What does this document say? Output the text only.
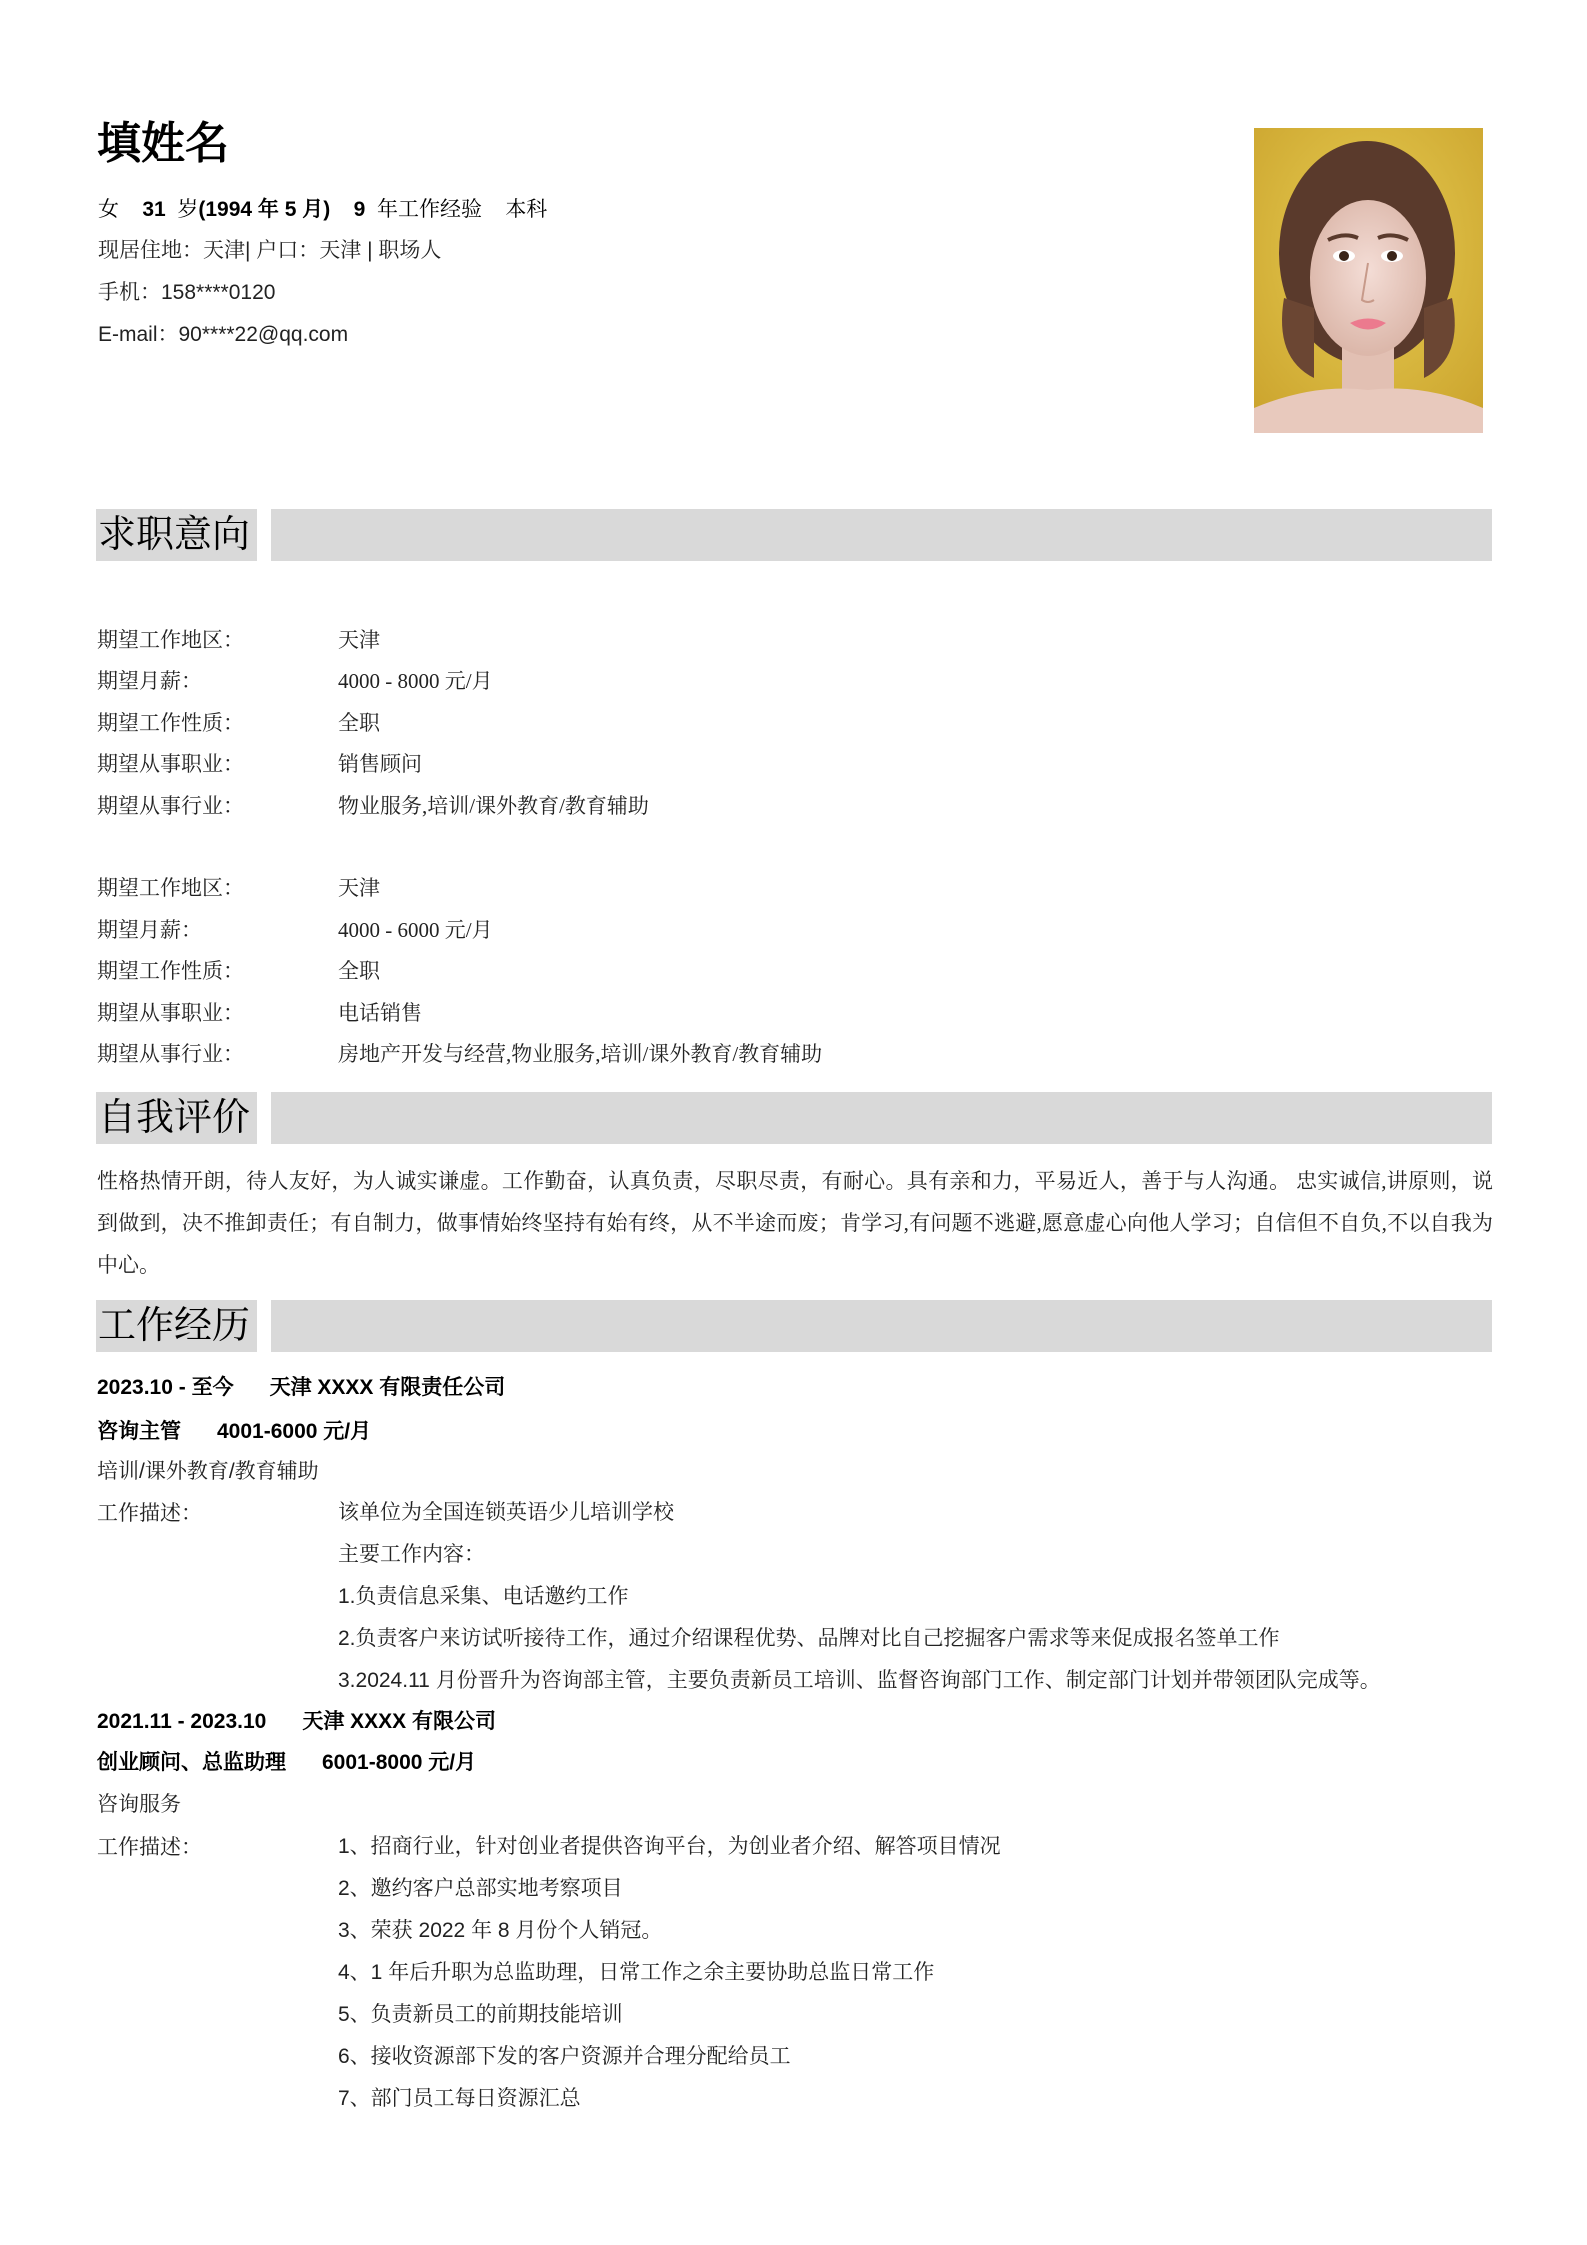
填姓名
女 31 岁(1994 年 5 月) 9 年工作经验 本科
现居住地：天津| 户口：天津 | 职场人
手机：158****0120
E-mail：90****22@qq.com
求职意向
期望工作地区：	天津
期望月薪：	4000 - 8000 元/月
期望工作性质：	全职
期望从事职业：	销售顾问
期望从事行业：	物业服务,培训/课外教育/教育辅助
期望工作地区：	天津
期望月薪：	4000 - 6000 元/月
期望工作性质：	全职
期望从事职业：	电话销售
期望从事行业：	房地产开发与经营,物业服务,培训/课外教育/教育辅助
自我评价
性格热情开朗，待人友好，为人诚实谦虚。工作勤奋，认真负责，尽职尽责，有耐心。具有亲和力，平易近人，善于与人沟通。 忠实诚信,讲原则，说到做到，决不推卸责任；有自制力，做事情始终坚持有始有终，从不半途而废；肯学习,有问题不逃避,愿意虚心向他人学习；自信但不自负,不以自我为中心。
工作经历
2023.10 - 至今 天津 XXXX 有限责任公司
咨询主管 4001-6000 元/月
培训/课外教育/教育辅助
工作描述：	该单位为全国连锁英语少儿培训学校
主要工作内容：
1.负责信息采集、电话邀约工作
2.负责客户来访试听接待工作，通过介绍课程优势、品牌对比自己挖掘客户需求等来促成报名签单工作
3.2024.11 月份晋升为咨询部主管，主要负责新员工培训、监督咨询部门工作、制定部门计划并带领团队完成等。
2021.11 - 2023.10 天津 XXXX 有限公司
创业顾问、总监助理 6001-8000 元/月
咨询服务
工作描述：	1、招商行业，针对创业者提供咨询平台，为创业者介绍、解答项目情况
2、邀约客户总部实地考察项目
3、荣获 2022 年 8 月份个人销冠。
4、1 年后升职为总监助理，日常工作之余主要协助总监日常工作
5、负责新员工的前期技能培训
6、接收资源部下发的客户资源并合理分配给员工
7、部门员工每日资源汇总
